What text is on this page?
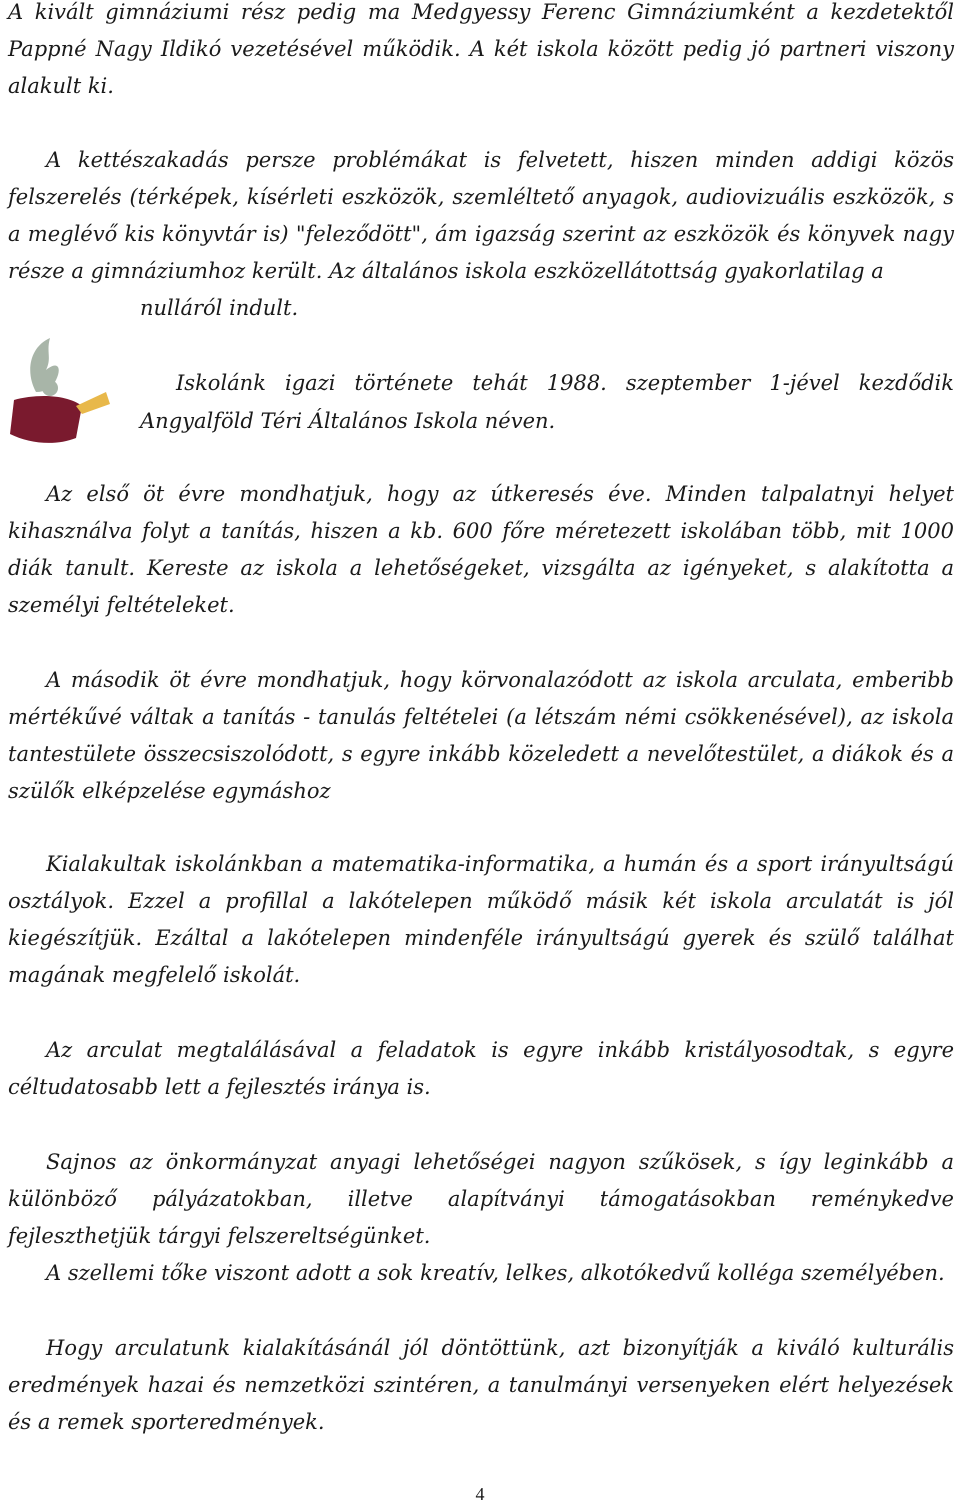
A kivált gimnáziumi rész pedig ma Medgyessy Ferenc Gimnáziumként a kezdetektől Pappné Nagy Ildikó vezetésével működik. A két iskola között pedig jó partneri viszony alakult ki.

A kettészakadás persze problémákat is felvetett, hiszen minden addigi közös felszerelés (térképek, kísérleti eszközök, szemléltető anyagok, audiovizuális eszközök, s a meglévő kis könyvtár is) "feleződött", ám igazság szerint az eszközök és könyvek nagy része a gimnáziumhoz került. Az általános iskola eszközellátottság gyakorlatilag a
nulláról indult.

Iskolánk igazi története tehát 1988. szeptember 1-jével kezdődik Angyalföld Téri Általános Iskola néven.

Az első öt évre mondhatjuk, hogy az útkeresés éve. Minden talpalatnyi helyet kihasználva folyt a tanítás, hiszen a kb. 600 főre méretezett iskolában több, mit 1000 diák tanult. Kereste az iskola a lehetőségeket, vizsgálta az igényeket, s alakította a személyi feltételeket.

A második öt évre mondhatjuk, hogy körvonalazódott az iskola arculata, emberibb mértékűvé váltak a tanítás - tanulás feltételei (a létszám némi csökkenésével), az iskola tantestülete összecsiszolódott, s egyre inkább közeledett a nevelőtestület, a diákok és a szülők elképzelése egymáshoz

Kialakultak iskolánkban a matematika-informatika, a humán és a sport irányultságú osztályok. Ezzel a profillal a lakótelepen működő másik két iskola arculatát is jól kiegészítjük. Ezáltal a lakótelepen mindenféle irányultságú gyerek és szülő találhat magának megfelelő iskolát.

Az arculat megtalálásával a feladatok is egyre inkább kristályosodtak, s egyre céltudatosabb lett a fejlesztés iránya is.

Sajnos az önkormányzat anyagi lehetőségei nagyon szűkösek, s így leginkább a különböző pályázatokban, illetve alapítványi támogatásokban reménykedve fejleszthetjük tárgyi felszereltségünket.

A szellemi tőke viszont adott a sok kreatív, lelkes, alkotókedvű kolléga személyében.

Hogy arculatunk kialakításánál jól döntöttünk, azt bizonyítják a kiváló kulturális eredmények hazai és nemzetközi szintéren, a tanulmányi versenyeken elért helyezések és a remek sporteredmények.

4
